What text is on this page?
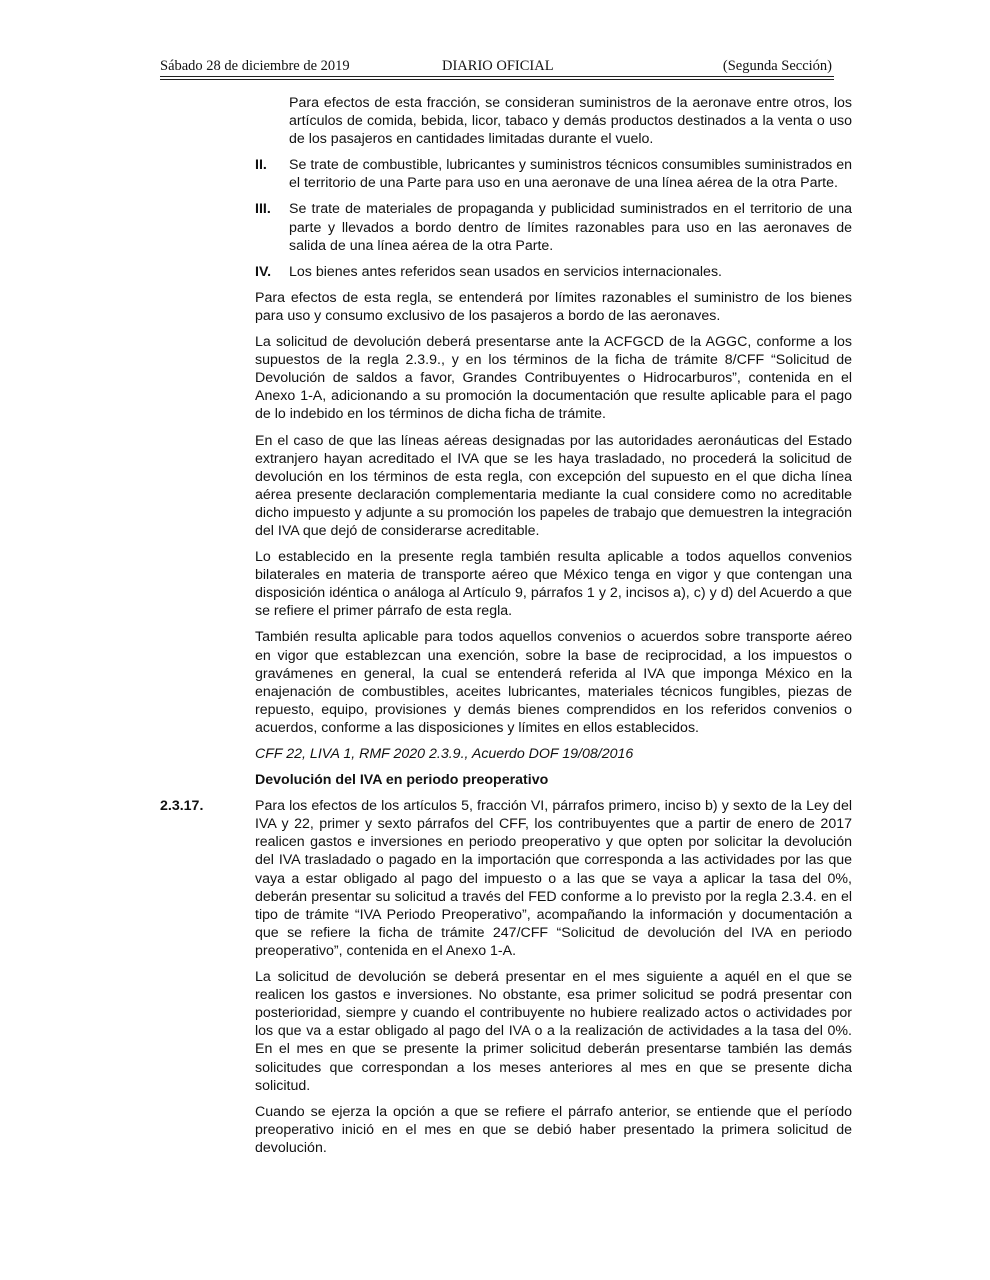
Sábado 28 de diciembre de 2019	DIARIO OFICIAL	(Segunda Sección)

Para efectos de esta fracción, se consideran suministros de la aeronave entre otros, los artículos de comida, bebida, licor, tabaco y demás productos destinados a la venta o uso de los pasajeros en cantidades limitadas durante el vuelo.

II. Se trate de combustible, lubricantes y suministros técnicos consumibles suministrados en el territorio de una Parte para uso en una aeronave de una línea aérea de la otra Parte.
III. Se trate de materiales de propaganda y publicidad suministrados en el territorio de una parte y llevados a bordo dentro de límites razonables para uso en las aeronaves de salida de una línea aérea de la otra Parte.
IV. Los bienes antes referidos sean usados en servicios internacionales.

Para efectos de esta regla, se entenderá por límites razonables el suministro de los bienes para uso y consumo exclusivo de los pasajeros a bordo de las aeronaves.

La solicitud de devolución deberá presentarse ante la ACFGCD de la AGGC, conforme a los supuestos de la regla 2.3.9., y en los términos de la ficha de trámite 8/CFF “Solicitud de Devolución de saldos a favor, Grandes Contribuyentes o Hidrocarburos”, contenida en el Anexo 1-A, adicionando a su promoción la documentación que resulte aplicable para el pago de lo indebido en los términos de dicha ficha de trámite.

En el caso de que las líneas aéreas designadas por las autoridades aeronáuticas del Estado extranjero hayan acreditado el IVA que se les haya trasladado, no procederá la solicitud de devolución en los términos de esta regla, con excepción del supuesto en el que dicha línea aérea presente declaración complementaria mediante la cual considere como no acreditable dicho impuesto y adjunte a su promoción los papeles de trabajo que demuestren la integración del IVA que dejó de considerarse acreditable.

Lo establecido en la presente regla también resulta aplicable a todos aquellos convenios bilaterales en materia de transporte aéreo que México tenga en vigor y que contengan una disposición idéntica o análoga al Artículo 9, párrafos 1 y 2, incisos a), c) y d) del Acuerdo a que se refiere el primer párrafo de esta regla.

También resulta aplicable para todos aquellos convenios o acuerdos sobre transporte aéreo en vigor que establezcan una exención, sobre la base de reciprocidad, a los impuestos o gravámenes en general, la cual se entenderá referida al IVA que imponga México en la enajenación de combustibles, aceites lubricantes, materiales técnicos fungibles, piezas de repuesto, equipo, provisiones y demás bienes comprendidos en los referidos convenios o acuerdos, conforme a las disposiciones y límites en ellos establecidos.

CFF 22, LIVA 1, RMF 2020 2.3.9., Acuerdo DOF 19/08/2016

Devolución del IVA en periodo preoperativo

2.3.17.	Para los efectos de los artículos 5, fracción VI, párrafos primero, inciso b) y sexto de la Ley del IVA y 22, primer y sexto párrafos del CFF, los contribuyentes que a partir de enero de 2017 realicen gastos e inversiones en periodo preoperativo y que opten por solicitar la devolución del IVA trasladado o pagado en la importación que corresponda a las actividades por las que vaya a estar obligado al pago del impuesto o a las que se vaya a aplicar la tasa del 0%, deberán presentar su solicitud a través del FED conforme a lo previsto por la regla 2.3.4. en el tipo de trámite “IVA Periodo Preoperativo”, acompañando la información y documentación a que se refiere la ficha de trámite 247/CFF “Solicitud de devolución del IVA en periodo preoperativo”, contenida en el Anexo 1-A.

La solicitud de devolución se deberá presentar en el mes siguiente a aquél en el que se realicen los gastos e inversiones. No obstante, esa primer solicitud se podrá presentar con posterioridad, siempre y cuando el contribuyente no hubiere realizado actos o actividades por los que va a estar obligado al pago del IVA o a la realización de actividades a la tasa del 0%. En el mes en que se presente la primer solicitud deberán presentarse también las demás solicitudes que correspondan a los meses anteriores al mes en que se presente dicha solicitud.

Cuando se ejerza la opción a que se refiere el párrafo anterior, se entiende que el período preoperativo inició en el mes en que se debió haber presentado la primera solicitud de devolución.
